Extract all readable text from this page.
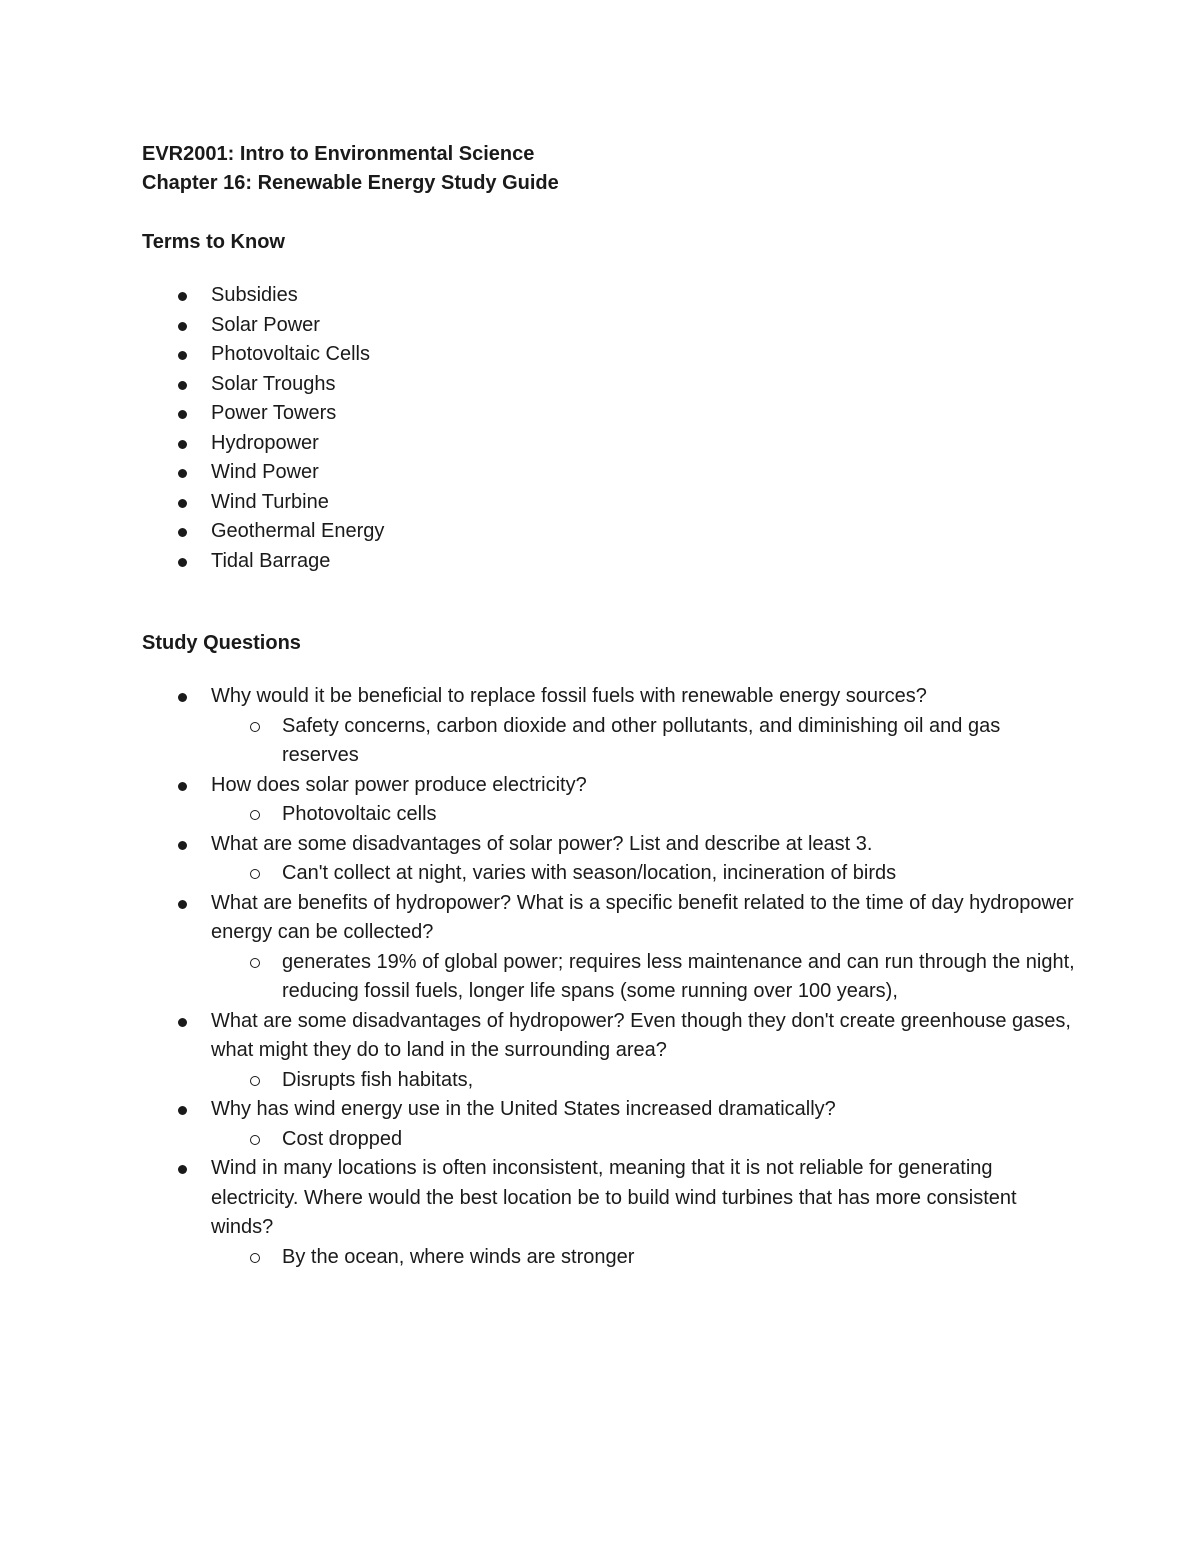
EVR2001: Intro to Environmental Science

Chapter 16: Renewable Energy Study Guide

Terms to Know

Subsidies
Solar Power
Photovoltaic Cells
Solar Troughs
Power Towers
Hydropower
Wind Power
Wind Turbine
Geothermal Energy
Tidal Barrage

Study Questions

Why would it be beneficial to replace fossil fuels with renewable energy sources?
Safety concerns, carbon dioxide and other pollutants, and diminishing oil and gas reserves
How does solar power produce electricity?
Photovoltaic cells
What are some disadvantages of solar power? List and describe at least 3.
Can't collect at night, varies with season/location, incineration of birds
What are benefits of hydropower? What is a specific benefit related to the time of day hydropower energy can be collected?
generates 19% of global power; requires less maintenance and can run through the night, reducing fossil fuels, longer life spans (some running over 100 years),
What are some disadvantages of hydropower? Even though they don't create greenhouse gases, what might they do to land in the surrounding area?
Disrupts fish habitats,
Why has wind energy use in the United States increased dramatically?
Cost dropped
Wind in many locations is often inconsistent, meaning that it is not reliable for generating electricity. Where would the best location be to build wind turbines that has more consistent winds?
By the ocean, where winds are stronger
